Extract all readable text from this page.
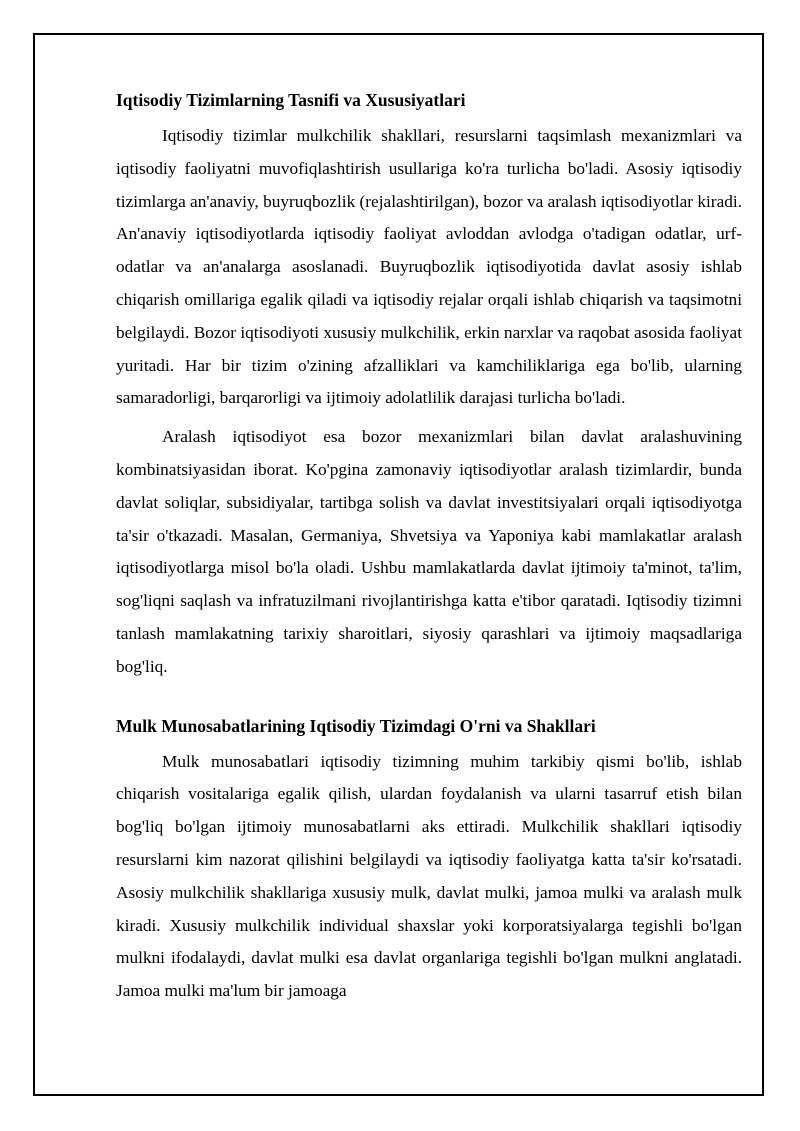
Iqtisodiy Tizimlarning Tasnifi va Xususiyatlari

Iqtisodiy tizimlar mulkchilik shakllari, resurslarni taqsimlash mexanizmlari va iqtisodiy faoliyatni muvofiqlashtirish usullariga ko'ra turlicha bo'ladi. Asosiy iqtisodiy tizimlarga an'anaviy, buyruqbozlik (rejalashtirilgan), bozor va aralash iqtisodiyotlar kiradi. An'anaviy iqtisodiyotlarda iqtisodiy faoliyat avloddan avlodga o'tadigan odatlar, urf-odatlar va an'analarga asoslanadi. Buyruqbozlik iqtisodiyotida davlat asosiy ishlab chiqarish omillariga egalik qiladi va iqtisodiy rejalar orqali ishlab chiqarish va taqsimotni belgilaydi. Bozor iqtisodiyoti xususiy mulkchilik, erkin narxlar va raqobat asosida faoliyat yuritadi. Har bir tizim o'zining afzalliklari va kamchiliklariga ega bo'lib, ularning samaradorligi, barqarorligi va ijtimoiy adolatlilik darajasi turlicha bo'ladi.

Aralash iqtisodiyot esa bozor mexanizmlari bilan davlat aralashuvining kombinatsiyasidan iborat. Ko'pgina zamonaviy iqtisodiyotlar aralash tizimlardir, bunda davlat soliqlar, subsidiyalar, tartibga solish va davlat investitsiyalari orqali iqtisodiyotga ta'sir o'tkazadi. Masalan, Germaniya, Shvetsiya va Yaponiya kabi mamlakatlar aralash iqtisodiyotlarga misol bo'la oladi. Ushbu mamlakatlarda davlat ijtimoiy ta'minot, ta'lim, sog'liqni saqlash va infratuzilmani rivojlantirishga katta e'tibor qaratadi. Iqtisodiy tizimni tanlash mamlakatning tarixiy sharoitlari, siyosiy qarashlari va ijtimoiy maqsadlariga bog'liq.

Mulk Munosabatlarining Iqtisodiy Tizimdagi O'rni va Shakllari

Mulk munosabatlari iqtisodiy tizimning muhim tarkibiy qismi bo'lib, ishlab chiqarish vositalariga egalik qilish, ulardan foydalanish va ularni tasarruf etish bilan bog'liq bo'lgan ijtimoiy munosabatlarni aks ettiradi. Mulkchilik shakllari iqtisodiy resurslarni kim nazorat qilishini belgilaydi va iqtisodiy faoliyatga katta ta'sir ko'rsatadi. Asosiy mulkchilik shakllariga xususiy mulk, davlat mulki, jamoa mulki va aralash mulk kiradi. Xususiy mulkchilik individual shaxslar yoki korporatsiyalarga tegishli bo'lgan mulkni ifodalaydi, davlat mulki esa davlat organlariga tegishli bo'lgan mulkni anglatadi. Jamoa mulki ma'lum bir jamoaga
